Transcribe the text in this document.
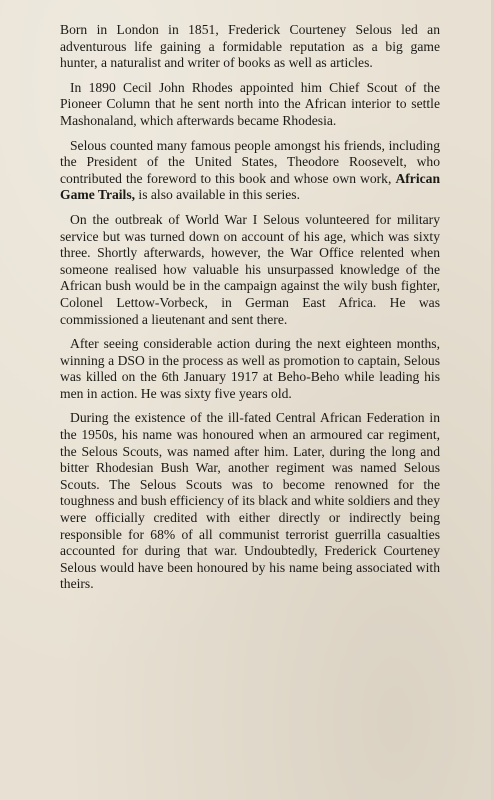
Born in London in 1851, Frederick Courteney Selous led an adventurous life gaining a formidable reputation as a big game hunter, a naturalist and writer of books as well as articles.

In 1890 Cecil John Rhodes appointed him Chief Scout of the Pioneer Column that he sent north into the African interior to settle Mashonaland, which afterwards became Rhodesia.

Selous counted many famous people amongst his friends, including the President of the United States, Theodore Roosevelt, who contributed the foreword to this book and whose own work, African Game Trails, is also available in this series.

On the outbreak of World War I Selous volunteered for military service but was turned down on account of his age, which was sixty three. Shortly afterwards, however, the War Office relented when someone realised how valuable his unsurpassed knowledge of the African bush would be in the campaign against the wily bush fighter, Colonel Lettow-Vorbeck, in German East Africa. He was commissioned a lieutenant and sent there.

After seeing considerable action during the next eighteen months, winning a DSO in the process as well as promotion to captain, Selous was killed on the 6th January 1917 at Beho-Beho while leading his men in action. He was sixty five years old.

During the existence of the ill-fated Central African Federation in the 1950s, his name was honoured when an armoured car regiment, the Selous Scouts, was named after him. Later, during the long and bitter Rhodesian Bush War, another regiment was named Selous Scouts. The Selous Scouts was to become renowned for the toughness and bush efficiency of its black and white soldiers and they were officially credited with either directly or indirectly being responsible for 68% of all communist terrorist guerrilla casualties accounted for during that war. Undoubtedly, Frederick Courteney Selous would have been honoured by his name being associated with theirs.
